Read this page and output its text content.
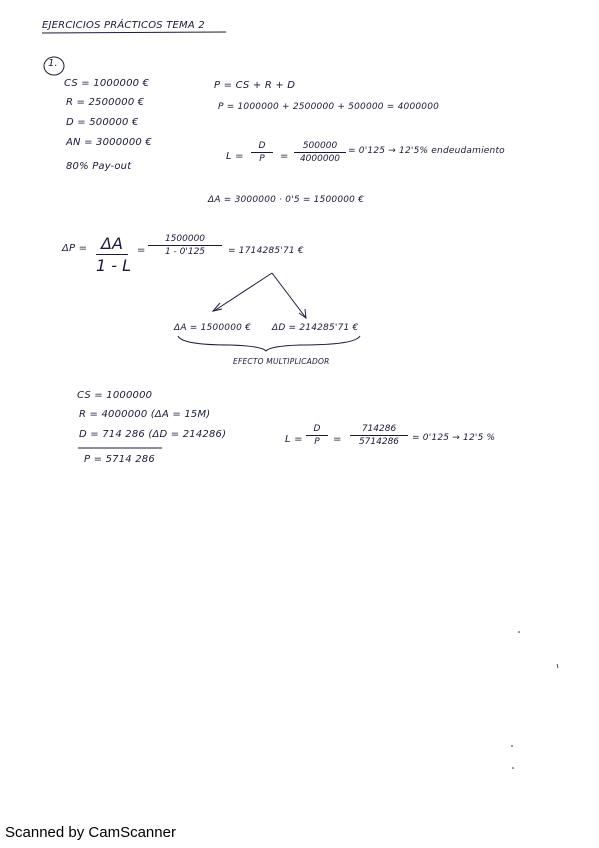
EJERCICIOS PRÁCTICOS TEMA 2
1.
CS = 1000000 €
R = 2500000 €
D = 500000 €
AN = 3000000 €
80% Pay-out
P = CS + R + D
P = 1000000 + 2500000 + 500000 = 4000000
L =
D
P	=
500000
4000000
= 0'125 → 12'5% endeudamiento
ΔA = 3000000 · 0'5 = 1500000 €
ΔP = ΔA
1 - L
=
1500000
1 - 0'125	= 1714285'71 €
ΔA = 1500000 € ΔD = 214285'71 €
EFECTO MULTIPLICADOR
CS = 1000000
R = 4000000 (ΔA = 15M)
D = 714 286 (ΔD = 214286)
P = 5714 286
L =
D
P	=
714286
5714286	= 0'125 → 12'5 %
Scanned by CamScanner
